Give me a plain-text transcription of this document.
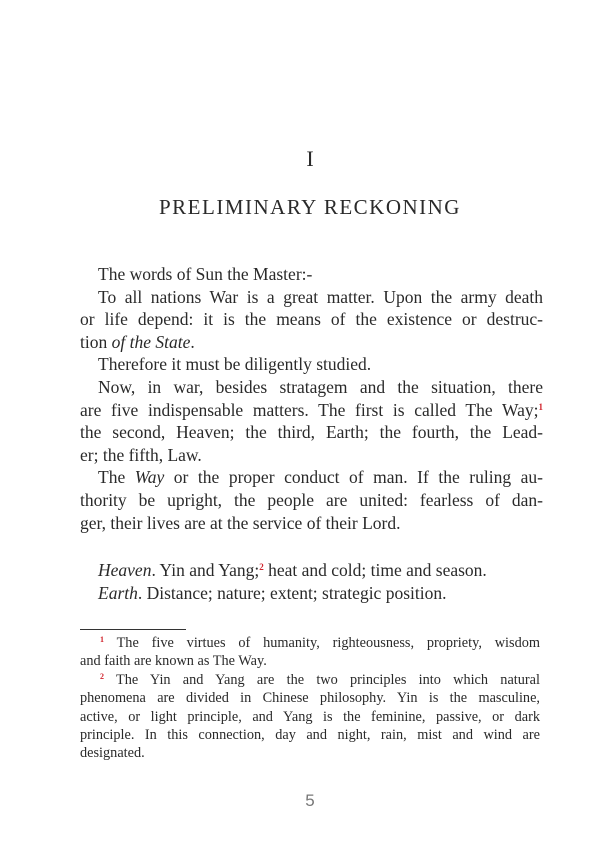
I
PRELIMINARY RECKONING
The words of Sun the Master:-
To all nations War is a great matter. Upon the army death
or life depend: it is the means of the existence or destruc-
tion of the State.
Therefore it must be diligently studied.
Now, in war, besides stratagem and the situation, there
are five indispensable matters. The first is called The Way;$^1$
the second, Heaven; the third, Earth; the fourth, the Lead-
er; the fifth, Law.
The Way or the proper conduct of man. If the ruling au-
thority be upright, the people are united: fearless of dan-
ger, their lives are at the service of their Lord.
Heaven. Yin and Yang;$^2$ heat and cold; time and season.
Earth. Distance; nature; extent; strategic position.
$^1$ The five virtues of humanity, righteousness, propriety, wisdom
and faith are known as The Way.
$^2$ The Yin and Yang are the two principles into which natural
phenomena are divided in Chinese philosophy. Yin is the masculine,
active, or light principle, and Yang is the feminine, passive, or dark
principle. In this connection, day and night, rain, mist and wind are
designated.
5
